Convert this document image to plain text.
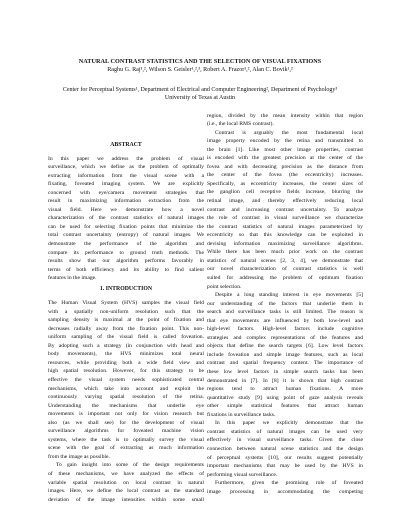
NATURAL CONTRAST STATISTICS AND THE SELECTION OF VISUAL FIXATIONS
Raghu G. Raj¹,², Wilson S. Geisler¹,²,³, Robert A. Frazor¹,², Alan C. Bovik¹,²
Center for Perceptual Systems¹, Department of Electrical and Computer Engineering², Department of Psychology³
University of Texas at Austin
ABSTRACT
In this paper we address the problem of visual
surveillance, which we define as the problem of optimally
extracting information from the visual scene with a
fixating, foveated imaging system. We are explicitly
concerned with eye/camera movement strategies that
result in maximizing information extraction from the
visual field. Here we demonstrate how a novel
characterization of the contrast statistics of natural images
can be used for selecting fixation points that minimize the
total contrast uncertainty (entropy) of natural images. We
demonstrate the performance of the algorithm and
compare its performance to ground truth methods. The
results show that our algorithm performs favorably in
terms of both efficiency and its ability to find salient
features in the image.
1. INTRODUCTION
The Human Visual System (HVS) samples the visual field
with a spatially non-uniform resolution such that the
sampling density is maximal at the point of fixation and
decreases radially away from the fixation point. This non-
uniform sampling of the visual field is called foveation.
By adopting such a strategy (in conjunction with head and
body movements), the HVS minimizes total neural
resources, while providing both a wide field view and
high spatial resolution. However, for this strategy to be
effective the visual system needs sophisticated central
mechanisms, which take into account and exploit the
continuously varying spatial resolution of the retina.
Understanding the mechanisms that underlie eye
movements is important not only for vision research but
also (as we shall see) for the development of visual
surveillance algorithms for foveated machine vision
systems, where the task is to optimally survey the visual
scene with the goal of extracting as much information
from the image as possible.
To gain insight into some of the design requirements
of these mechanisms, we have analyzed the effects of
variable spatial resolution on local contrast in natural
images. Here, we define the local contrast as the standard
deviation of the image intensities within some small
region, divided by the mean intensity within that region
(i.e., the local RMS contrast).
Contrast is arguably the most fundamental local
image property encoded by the retina and transmitted to
the brain [1]. Like most other image properties, contrast
is encoded with the greatest precision at the center of the
fovea and with decreasing precision as the distance from
the center of the fovea (the eccentricity) increases.
Specifically, as eccentricity increases, the center sizes of
the ganglion cell receptive fields increase, blurring the
retinal image, and thereby effectively reducing local
contrast and increasing contrast uncertainty. To analyze
the role of contrast in visual surveillance we characterize
the contrast statistics of natural images parameterized by
eccentricity so that this knowledge can be exploited in
devising information maximizing surveillance algorithms.
While there has been much prior work on the contrast
statistics of natural scenes [2, 3, 4], we demonstrate that
our novel characterization of contrast statistics is well
suited for addressing the problem of optimum fixation
point selection.
Despite a long standing interest in eye movements [5]
our understanding of the factors that underlie them in
search and surveillance tasks is still limited. The reason is
that eye movements are influenced by both low-level and
high-level factors. High-level factors include cognitive
strategies and complex representations of the features and
objects that define the search targets [6]. Low level factors
include foveation and simple image features, such as local
contrast and spatial frequency content. The importance of
these low level factors in simple search tasks has been
demonstrated in [7]. In [8] it is shown that high contrast
regions tend to attract human fixations. A more
quantitative study [9] using point of gaze analysis reveals
other simple statistical features that attract human
fixations in surveillance tasks.
In this paper we explicitly demonstrate that the
contrast statistics of natural images can be used very
effectively in visual surveillance tasks. Given the close
connection between natural scene statistics and the design
of perceptual systems [10], our results suggest potentially
important mechanisms that may be used by the HVS in
performing visual surveillance.
Furthermore, given the promising role of foveated
image processing in accommodating the competing
